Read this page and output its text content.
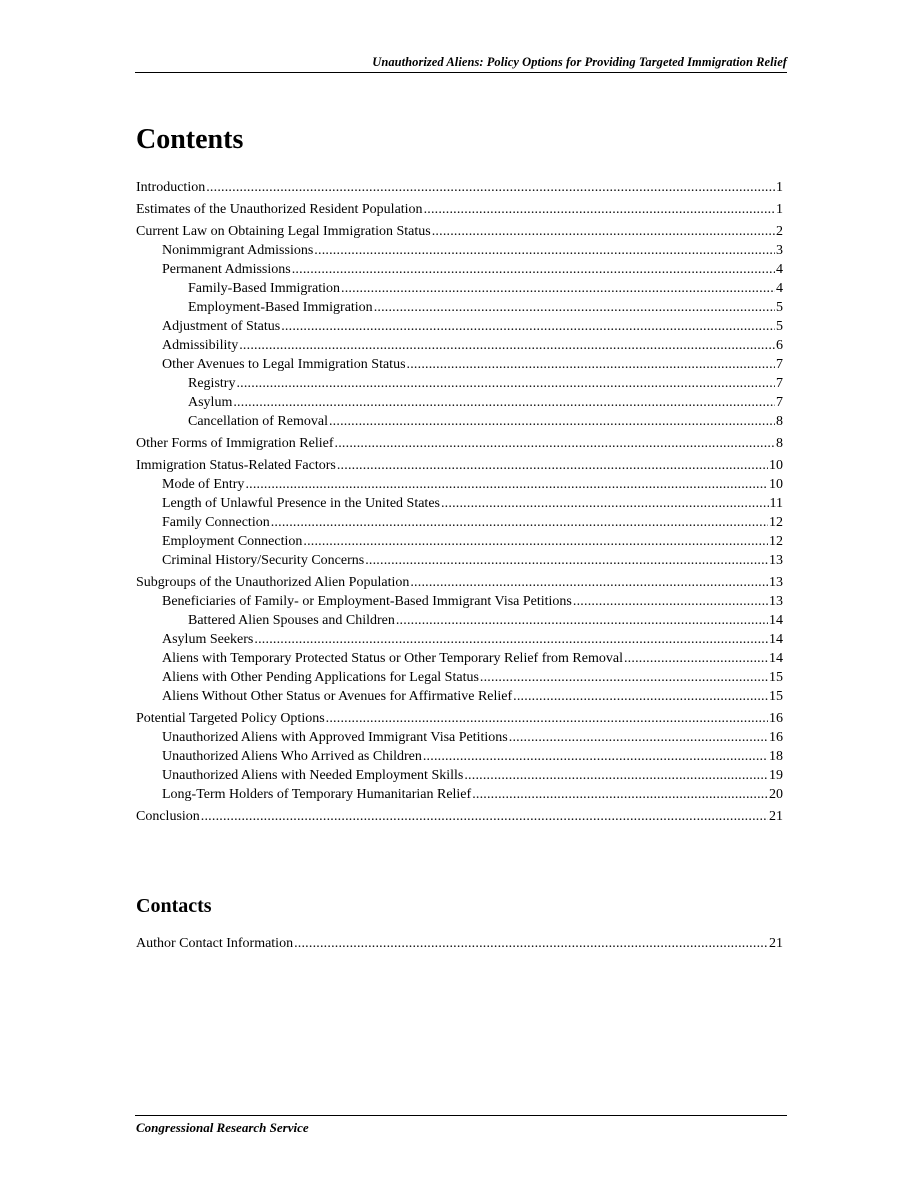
Unauthorized Aliens: Policy Options for Providing Targeted Immigration Relief
Contents
Introduction .....	1
Estimates of the Unauthorized Resident Population .....	1
Current Law on Obtaining Legal Immigration Status .....	2
Nonimmigrant Admissions .....	3
Permanent Admissions .....	4
Family-Based Immigration .....	4
Employment-Based Immigration .....	5
Adjustment of Status .....	5
Admissibility .....	6
Other Avenues to Legal Immigration Status .....	7
Registry .....	7
Asylum .....	7
Cancellation of Removal .....	8
Other Forms of Immigration Relief .....	8
Immigration Status-Related Factors .....	10
Mode of Entry .....	10
Length of Unlawful Presence in the United States .....	11
Family Connection .....	12
Employment Connection .....	12
Criminal History/Security Concerns .....	13
Subgroups of the Unauthorized Alien Population .....	13
Beneficiaries of Family- or Employment-Based Immigrant Visa Petitions .....	13
Battered Alien Spouses and Children .....	14
Asylum Seekers .....	14
Aliens with Temporary Protected Status or Other Temporary Relief from Removal .....	14
Aliens with Other Pending Applications for Legal Status .....	15
Aliens Without Other Status or Avenues for Affirmative Relief .....	15
Potential Targeted Policy Options .....	16
Unauthorized Aliens with Approved Immigrant Visa Petitions .....	16
Unauthorized Aliens Who Arrived as Children .....	18
Unauthorized Aliens with Needed Employment Skills .....	19
Long-Term Holders of Temporary Humanitarian Relief .....	20
Conclusion .....	21
Contacts
Author Contact Information .....	21
Congressional Research Service
